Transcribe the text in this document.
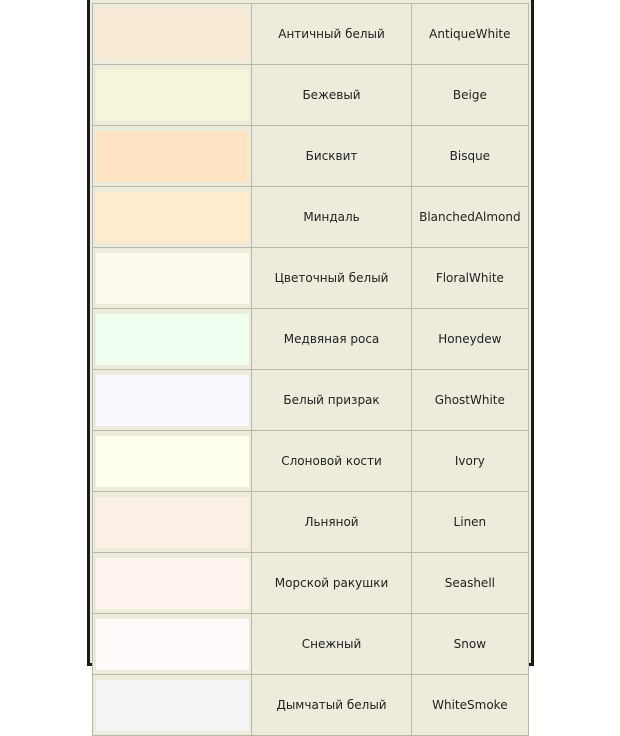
	Античный белый	AntiqueWhite

	Бежевый	Beige

	Бисквит	Bisque

	Миндаль	BlanchedAlmond

	Цветочный белый	FloralWhite

	Медвяная роса	Honeydew

	Белый призрак	GhostWhite

	Слоновой кости	Ivory

	Льняной	Linen

	Морской ракушки	Seashell

	Снежный	Snow

	Дымчатый белый	WhiteSmoke
